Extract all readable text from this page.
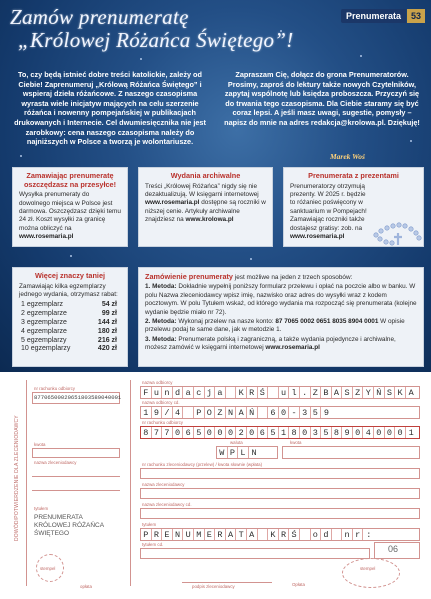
Zamów prenumeratę
„Królowej Różańca Świętego”!
Prenumerata	53
To, czy będą istnieć dobre treści katolickie, zależy od Ciebie! Zaprenumeruj „Królową Różańca Świętego” i wspieraj dzieła różańcowe. Z naszego czasopisma wyrasta wiele inicjatyw mających na celu szerzenie różańca i nowenny pompejańskiej w publikacjach drukowanych i Internecie. Cel dwumiesięcznika nie jest zarobkowy: cena naszego czasopisma należy do najniższych w Polsce a tworzą je wolontariusze.
Zapraszam Cię, dołącz do grona Prenumeratorów. Prosimy, zaproś do lektury także nowych Czytelników, zapytaj wspólnotę lub księdza proboszcza. Przyczyń się do trwania tego czasopisma. Dla Ciebie staramy się być coraz lepsi. A jeśli masz uwagi, sugestie, pomysły – napisz do mnie na adres redakcja@krolowa.pl. Dziękuję!
Marek Woś
Zamawiając prenumeratę oszczędzasz na przesyłce!

Wysyłka prenumeraty do dowolnego miejsca w Polsce jest darmowa. Oszczędzasz dzięki temu 24 zł. Koszt wysyłki za granicę można obliczyć na www.rosemaria.pl

Wydania archiwalne

Treści „Królowej Różańca” nigdy się nie dezaktualizują. W księgarni internetowej www.rosemaria.pl dostępne są roczniki w niższej cenie. Artykuły archiwalne znajdziesz na www.krolowa.pl

Prenumerata z prezentami

Prenumeratorzy otrzymują prezenty. W 2025 r. będzie to różaniec poświęcony w sanktuarium w Pompejach! Zamawiając roczniki także dostajesz gratisy: zob. na www.rosemaria.pl

Więcej znaczy taniej

Zamawiając kilka egzemplarzy jednego wydania, otrzymasz rabat:

1 egzemplarz	54 zł
2 egzemplarze	99 zł
3 egzemplarze	144 zł
4 egzemplarze	180 zł
5 egzemplarzy	216 zł
10 egzemplarzy	420 zł

Zamówienie prenumeraty jest możliwe na jeden z trzech sposobów:

1. Metoda: Dokładnie wypełnij poniższy formularz przelewu i opłać na poczcie albo w banku. W polu Nazwa zleceniodawcy wpisz imię, nazwisko oraz adres do wysyłki wraz z kodem pocztowym. W polu Tytułem wskaż, od którego wydania ma rozpocząć się prenumerata (kolejne wydanie będzie miało nr 72).

2. Metoda: Wykonaj przelew na nasze konto: 87 7065 0002 0651 8035 8904 0001 W opisie przelewu podaj te same dane, jak w metodzie 1.

3. Metoda: Prenumerate polską i zagraniczną, a także wydania pojedyncze i archiwalne, możesz zamówić w księgarni internetowej www.rosemaria.pl

DOWÓD/POTWIERDZENIE DLA ZLECENIODAWCY
nr rachunku odbiorcy
87706500020651803589040001
kwota
nazwa zleceniodawcy
tytułem
PRENUMERATA KRÓLOWEJ RÓŻAŃCA ŚWIĘTEGO
stempel
opłata
nazwa odbiorcy
F u n d a c j a	K R Ś	u l . Z B A S Z Y Ń S K A
nazwa odbiorcy cd.
1 9 / 4	P O Z N A Ń	6 0 - 3 5 9
nr rachunku odbiorcy
8 7 7 0 6 5 0 0 0 2 0 6 5 1 8 0 3 5 8 9 0 4 0 0 0 1
waluta
W P L N
kwota
nr rachunku zleceniodawcy (przelew) / kwota słownie (wpłata)
nazwa zleceniodawcy
nazwa zleceniodawcy cd.
tytułem
P R E N U M E R A T A	K R Ś	o d	n r :
tytułem cd.	06
podpis zleceniodawcy
stempel
Opłata
